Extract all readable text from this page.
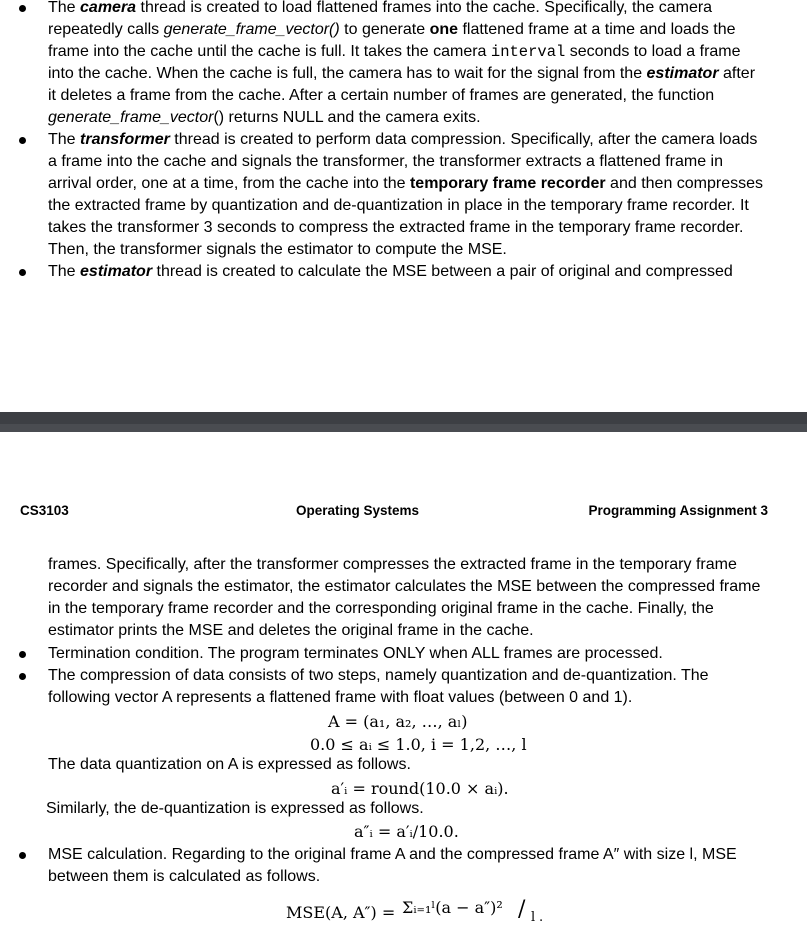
The camera thread is created to load flattened frames into the cache. Specifically, the camera repeatedly calls generate_frame_vector() to generate one flattened frame at a time and loads the frame into the cache until the cache is full. It takes the camera interval seconds to load a frame into the cache. When the cache is full, the camera has to wait for the signal from the estimator after it deletes a frame from the cache. After a certain number of frames are generated, the function generate_frame_vector() returns NULL and the camera exits.
The transformer thread is created to perform data compression. Specifically, after the camera loads a frame into the cache and signals the transformer, the transformer extracts a flattened frame in arrival order, one at a time, from the cache into the temporary frame recorder and then compresses the extracted frame by quantization and de-quantization in place in the temporary frame recorder. It takes the transformer 3 seconds to compress the extracted frame in the temporary frame recorder. Then, the transformer signals the estimator to compute the MSE.
The estimator thread is created to calculate the MSE between a pair of original and compressed
CS3103	Operating Systems	Programming Assignment 3
frames. Specifically, after the transformer compresses the extracted frame in the temporary frame recorder and signals the estimator, the estimator calculates the MSE between the compressed frame in the temporary frame recorder and the corresponding original frame in the cache. Finally, the estimator prints the MSE and deletes the original frame in the cache.
Termination condition. The program terminates ONLY when ALL frames are processed.
The compression of data consists of two steps, namely quantization and de-quantization. The following vector A represents a flattened frame with float values (between 0 and 1).
A = (a₁, a₂, …, aₗ)
0.0 ≤ aᵢ ≤ 1.0, i = 1,2, …, l
The data quantization on A is expressed as follows.
a′ᵢ = round(10.0 × aᵢ).
Similarly, the de-quantization is expressed as follows.
a″ᵢ = a′ᵢ/10.0.
MSE calculation. Regarding to the original frame A and the compressed frame A″ with size l, MSE between them is calculated as follows.
MSE(A, A″) = Σᵢ₌₁ˡ(a − a″)² / l .
